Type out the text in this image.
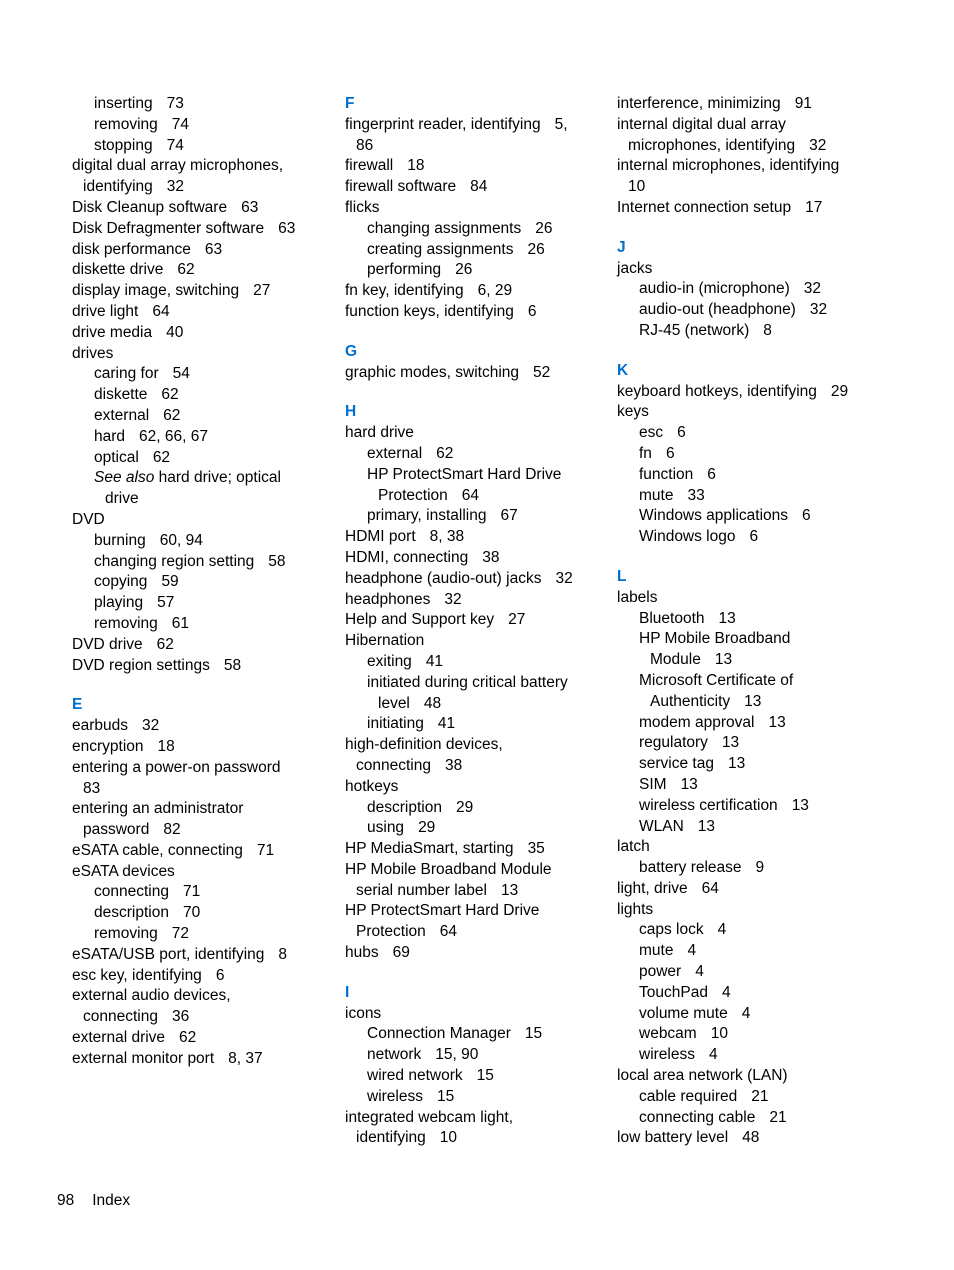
inserting 73
removing 74
stopping 74
digital dual array microphones,
identifying 32
Disk Cleanup software 63
Disk Defragmenter software 63
disk performance 63
diskette drive 62
display image, switching 27
drive light 64
drive media 40
drives
caring for 54
diskette 62
external 62
hard 62, 66, 67
optical 62
See also hard drive; optical
drive
DVD
burning 60, 94
changing region setting 58
copying 59
playing 57
removing 61
DVD drive 62
DVD region settings 58
E
earbuds 32
encryption 18
entering a power-on password
83
entering an administrator
password 82
eSATA cable, connecting 71
eSATA devices
connecting 71
description 70
removing 72
eSATA/USB port, identifying 8
esc key, identifying 6
external audio devices,
connecting 36
external drive 62
external monitor port 8, 37
F
fingerprint reader, identifying 5,
86
firewall 18
firewall software 84
flicks
changing assignments 26
creating assignments 26
performing 26
fn key, identifying 6, 29
function keys, identifying 6
G
graphic modes, switching 52
H
hard drive
external 62
HP ProtectSmart Hard Drive
Protection 64
primary, installing 67
HDMI port 8, 38
HDMI, connecting 38
headphone (audio-out) jacks 32
headphones 32
Help and Support key 27
Hibernation
exiting 41
initiated during critical battery
level 48
initiating 41
high-definition devices,
connecting 38
hotkeys
description 29
using 29
HP MediaSmart, starting 35
HP Mobile Broadband Module
serial number label 13
HP ProtectSmart Hard Drive
Protection 64
hubs 69
I
icons
Connection Manager 15
network 15, 90
wired network 15
wireless 15
integrated webcam light,
identifying 10
interference, minimizing 91
internal digital dual array
microphones, identifying 32
internal microphones, identifying
10
Internet connection setup 17
J
jacks
audio-in (microphone) 32
audio-out (headphone) 32
RJ-45 (network) 8
K
keyboard hotkeys, identifying 29
keys
esc 6
fn 6
function 6
mute 33
Windows applications 6
Windows logo 6
L
labels
Bluetooth 13
HP Mobile Broadband
Module 13
Microsoft Certificate of
Authenticity 13
modem approval 13
regulatory 13
service tag 13
SIM 13
wireless certification 13
WLAN 13
latch
battery release 9
light, drive 64
lights
caps lock 4
mute 4
power 4
TouchPad 4
volume mute 4
webcam 10
wireless 4
local area network (LAN)
cable required 21
connecting cable 21
low battery level 48
98 Index
